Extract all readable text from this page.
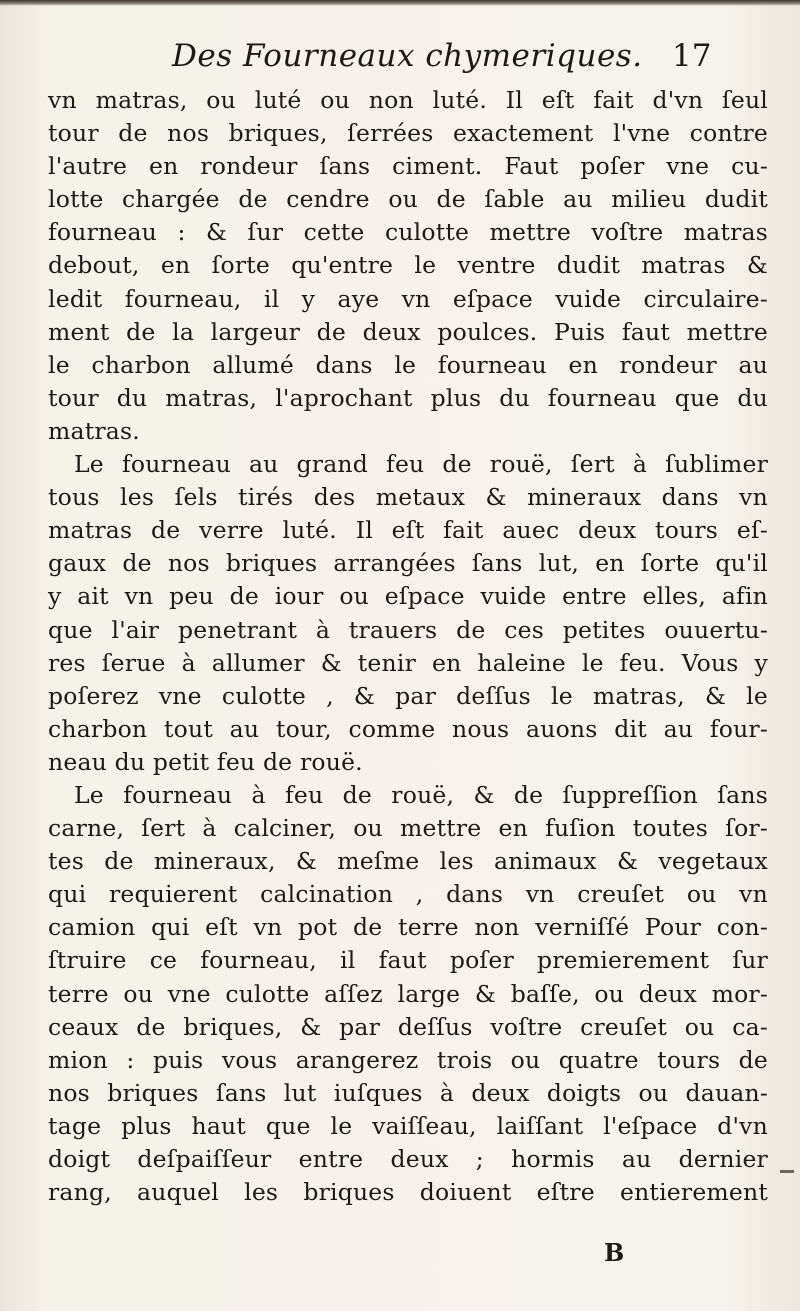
Des Fourneaux chymeriques. 17
vn matras, ou luté ou non luté. Il eſt fait d'vn ſeul
tour de nos briques, ſerrées exactement l'vne contre
l'autre en rondeur ſans ciment. Faut poſer vne cu-
lotte chargée de cendre ou de ſable au milieu dudit
fourneau : & ſur cette culotte mettre voſtre matras
debout, en ſorte qu'entre le ventre dudit matras &
ledit fourneau, il y aye vn eſpace vuide circulaire-
ment de la largeur de deux poulces. Puis faut mettre
le charbon allumé dans le fourneau en rondeur au
tour du matras, l'aprochant plus du fourneau que du
matras.
Le fourneau au grand feu de rouë, ſert à ſublimer
tous les ſels tirés des metaux & mineraux dans vn
matras de verre luté. Il eſt fait auec deux tours eſ-
gaux de nos briques arrangées ſans lut, en ſorte qu'il
y ait vn peu de iour ou eſpace vuide entre elles, afin
que l'air penetrant à trauers de ces petites ouuertu-
res ſerue à allumer & tenir en haleine le feu. Vous y
poſerez vne culotte , & par deſſus le matras, & le
charbon tout au tour, comme nous auons dit au four-
neau du petit feu de rouë.
Le fourneau à feu de rouë, & de ſuppreſſion ſans
carne, ſert à calciner, ou mettre en fuſion toutes ſor-
tes de mineraux, & meſme les animaux & vegetaux
qui requierent calcination , dans vn creuſet ou vn
camion qui eſt vn pot de terre non verniſſé Pour con-
ſtruire ce fourneau, il faut poſer premierement ſur
terre ou vne culotte aſſez large & baſſe, ou deux mor-
ceaux de briques, & par deſſus voſtre creuſet ou ca-
mion : puis vous arangerez trois ou quatre tours de
nos briques ſans lut iuſques à deux doigts ou dauan-
tage plus haut que le vaiſſeau, laiſſant l'eſpace d'vn
doigt deſpaiſſeur entre deux ; hormis au dernier
rang, auquel les briques doiuent eſtre entierement
B
